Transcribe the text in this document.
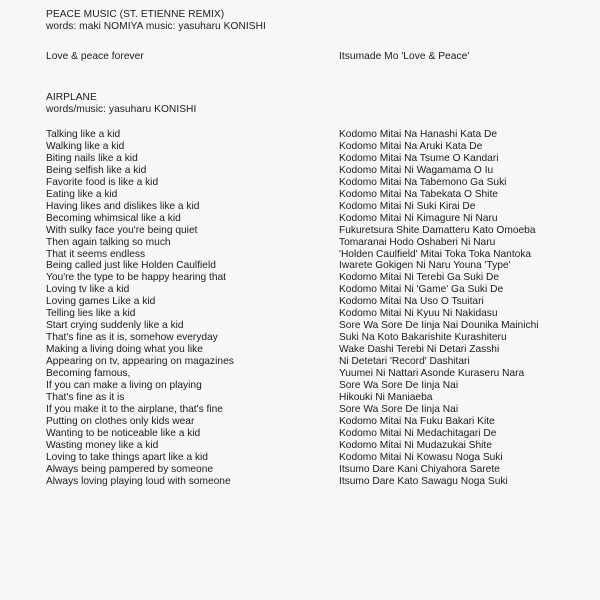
PEACE MUSIC (ST. ETIENNE REMIX)
words: maki NOMIYA music: yasuharu KONISHI
Love & peace forever	Itsumade Mo 'Love & Peace'
AIRPLANE
words/music: yasuharu KONISHI
Talking like a kid
Walking like a kid
Biting nails like a kid
Being selfish like a kid
Favorite food is like a kid
Eating like a kid
Having likes and dislikes like a kid
Becoming whimsical like a kid
With sulky face you're being quiet
Then again talking so much
That it seems endless
Being called just like Holden Caulfield
You're the type to be happy hearing that
Loving tv like a kid
Loving games Like a kid
Telling lies like a kid
Start crying suddenly like a kid
That's fine as it is, somehow everyday
Making a living doing what you like
Appearing on tv, appearing on magazines
Becoming famous,
If you can make a living on playing
That's fine as it is
If you make it to the airplane, that's fine
Putting on clothes only kids wear
Wanting to be noticeable like a kid
Wasting money like a kid
Loving to take things apart like a kid
Always being pampered by someone
Always loving playing loud with someone
Kodomo Mitai Na Hanashi Kata De
Kodomo Mitai Na Aruki Kata De
Kodomo Mitai Na Tsume O Kandari
Kodomo Mitai Ni Wagamama O Iu
Kodomo Mitai Na Tabemono Ga Suki
Kodomo Mitai Na Tabekata O Shite
Kodomo Mitai Ni Suki Kirai De
Kodomo Mitai Ni Kimagure Ni Naru
Fukuretsura Shite Damatteru Kato Omoeba
Tomaranai Hodo Oshaberi Ni Naru
'Holden Caulfield' Mitai Toka Toka Nantoka
Iwarete Gokigen Ni Naru Youna 'Type'
Kodomo Mitai Ni Terebi Ga Suki De
Kodomo Mitai Ni 'Game' Ga Suki De
Kodomo Mitai Na Uso O Tsuitari
Kodomo Mitai Ni Kyuu Ni Nakidasu
Sore Wa Sore De Iinja Nai Dounika Mainichi
Suki Na Koto Bakarishite Kurashiteru
Wake Dashi Terebi Ni Detari Zasshi
Ni Detetari 'Record' Dashitari
Yuumei Ni Nattari Asonde Kuraseru Nara
Sore Wa Sore De Iinja Nai
Hikouki Ni Maniaeba
Sore Wa Sore De Iinja Nai
Kodomo Mitai Na Fuku Bakari Kite
Kodomo Mitai Ni Medachitagari De
Kodomo Mitai Ni Mudazukai Shite
Kodomo Mitai Ni Kowasu Noga Suki
Itsumo Dare Kani Chiyahora Sarete
Itsumo Dare Kato Sawagu Noga Suki
